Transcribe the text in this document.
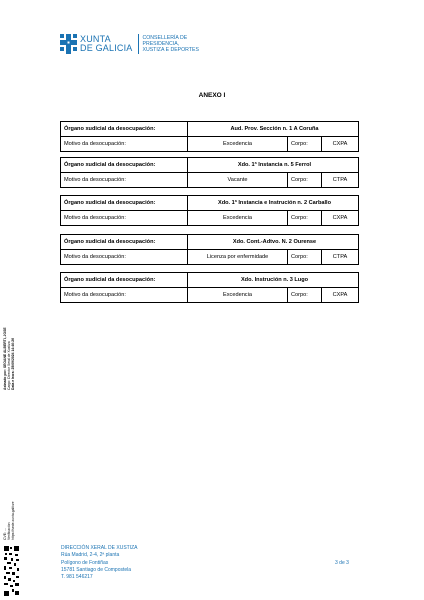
XUNTA
DE GALICIA
CONSELLERÍA DE
PRESIDENCIA,
XUSTIZA E DEPORTES
ANEXO I
Órgano xudicial da desocupación:	Aud. Prov. Sección n. 1 A Coruña
Motivo da desocupación:	Excedencia	Corpo:	CXPA
Órgano xudicial da desocupación:	Xdo. 1ª Instancia n. 5 Ferrol
Motivo da desocupación:	Vacante	Corpo:	CTPA
Órgano xudicial da desocupación:	Xdo. 1ª Instancia e Instrución n. 2 Carballo
Motivo da desocupación:	Excedencia	Corpo:	CXPA
Órgano xudicial da desocupación:	Xdo. Cont.-Adtvo. N. 2 Ourense
Motivo da desocupación:	Licenza por enfermidade	Corpo:	CTPA
Órgano xudicial da desocupación:	Xdo. Instrución n. 3 Lugo
Motivo da desocupación:	Excedencia	Corpo:	CXPA
Asinado por: SEOANE ALBERTI, JOSE Cargo: Director Xeral de Xustiza Data e hora: 25/09/2024 14:40:26
CVE: ... Verificación: https://sede.xunta.gal/cve
DIRECCIÓN XERAL DE XUSTIZA
Rúa Madrid, 2-4, 2ª planta
Polígono de Fontiñas
15781 Santiago de Compostela
T. 981 546217
3 de 3
